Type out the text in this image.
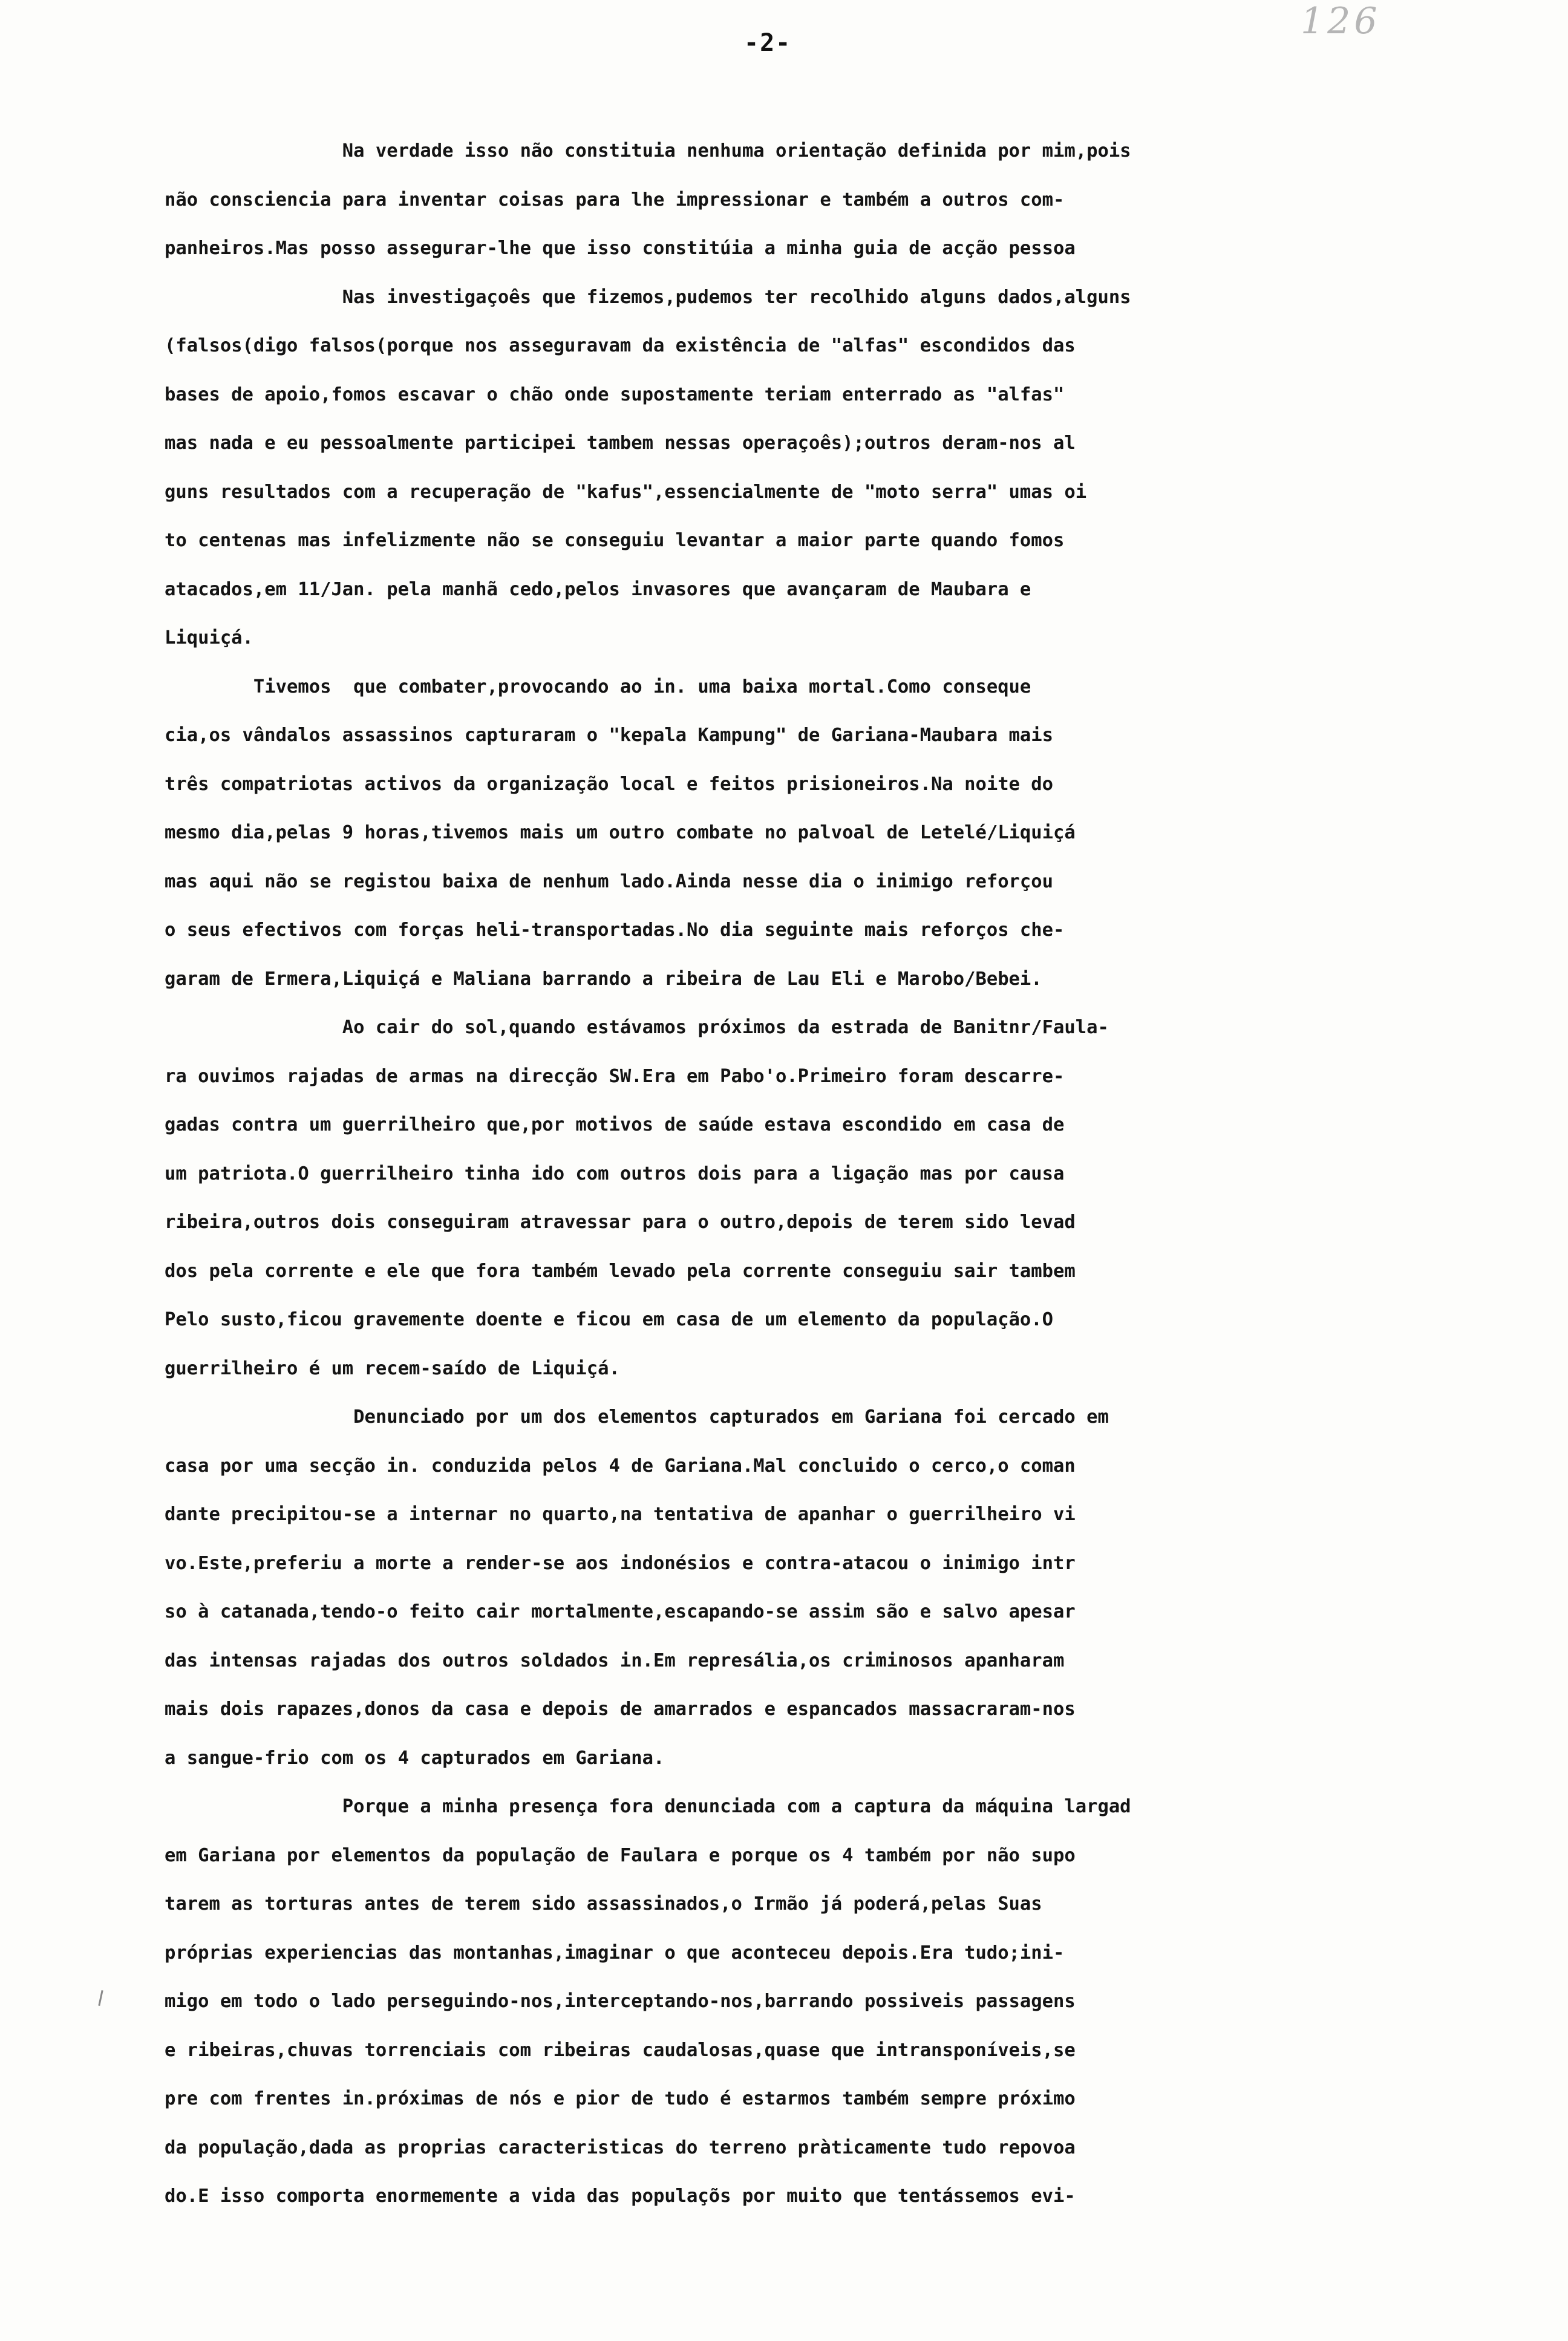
126
-2-
Na verdade isso não constituia nenhuma orientação definida por mim,pois
não consciencia para inventar coisas para lhe impressionar e também a outros com-
panheiros.Mas posso assegurar-lhe que isso constitúia a minha guia de acção pessoa
Nas investigaçoês que fizemos,pudemos ter recolhido alguns dados,alguns
(falsos(digo falsos(porque nos asseguravam da existência de "alfas" escondidos das
bases de apoio,fomos escavar o chão onde supostamente teriam enterrado as "alfas"
mas nada e eu pessoalmente participei tambem nessas operaçoês);outros deram-nos al
guns resultados com a recuperação de "kafus",essencialmente de "moto serra" umas oi
to centenas mas infelizmente não se conseguiu levantar a maior parte quando fomos
atacados,em 11/Jan. pela manhã cedo,pelos invasores que avançaram de Maubara e
Liquiçá.
Tivemos  que combater,provocando ao in. uma baixa mortal.Como conseque
cia,os vândalos assassinos capturaram o "kepala Kampung" de Gariana-Maubara mais
três compatriotas activos da organização local e feitos prisioneiros.Na noite do
mesmo dia,pelas 9 horas,tivemos mais um outro combate no palvoal de Letelé/Liquiçá
mas aqui não se registou baixa de nenhum lado.Ainda nesse dia o inimigo reforçou
o seus efectivos com forças heli-transportadas.No dia seguinte mais reforços che-
garam de Ermera,Liquiçá e Maliana barrando a ribeira de Lau Eli e Marobo/Bebei.
Ao cair do sol,quando estávamos próximos da estrada de Banitnr/Faula-
ra ouvimos rajadas de armas na direcção SW.Era em Pabo'o.Primeiro foram descarre-
gadas contra um guerrilheiro que,por motivos de saúde estava escondido em casa de
um patriota.O guerrilheiro tinha ido com outros dois para a ligação mas por causa
ribeira,outros dois conseguiram atravessar para o outro,depois de terem sido levad
dos pela corrente e ele que fora também levado pela corrente conseguiu sair tambem
Pelo susto,ficou gravemente doente e ficou em casa de um elemento da população.O
guerrilheiro é um recem-saído de Liquiçá.
Denunciado por um dos elementos capturados em Gariana foi cercado em
casa por uma secção in. conduzida pelos 4 de Gariana.Mal concluido o cerco,o coman
dante precipitou-se a internar no quarto,na tentativa de apanhar o guerrilheiro vi
vo.Este,preferiu a morte a render-se aos indonésios e contra-atacou o inimigo intr
so à catanada,tendo-o feito cair mortalmente,escapando-se assim são e salvo apesar
das intensas rajadas dos outros soldados in.Em represália,os criminosos apanharam
mais dois rapazes,donos da casa e depois de amarrados e espancados massacraram-nos
a sangue-frio com os 4 capturados em Gariana.
Porque a minha presença fora denunciada com a captura da máquina largad
em Gariana por elementos da população de Faulara e porque os 4 também por não supo
tarem as torturas antes de terem sido assassinados,o Irmão já poderá,pelas Suas
próprias experiencias das montanhas,imaginar o que aconteceu depois.Era tudo;ini-
migo em todo o lado perseguindo-nos,interceptando-nos,barrando possiveis passagens
e ribeiras,chuvas torrenciais com ribeiras caudalosas,quase que intransponíveis,se
pre com frentes in.próximas de nós e pior de tudo é estarmos também sempre próximo
da população,dada as proprias caracteristicas do terreno pràticamente tudo repovoa
do.E isso comporta enormemente a vida das populaçõs por muito que tentássemos evi-
